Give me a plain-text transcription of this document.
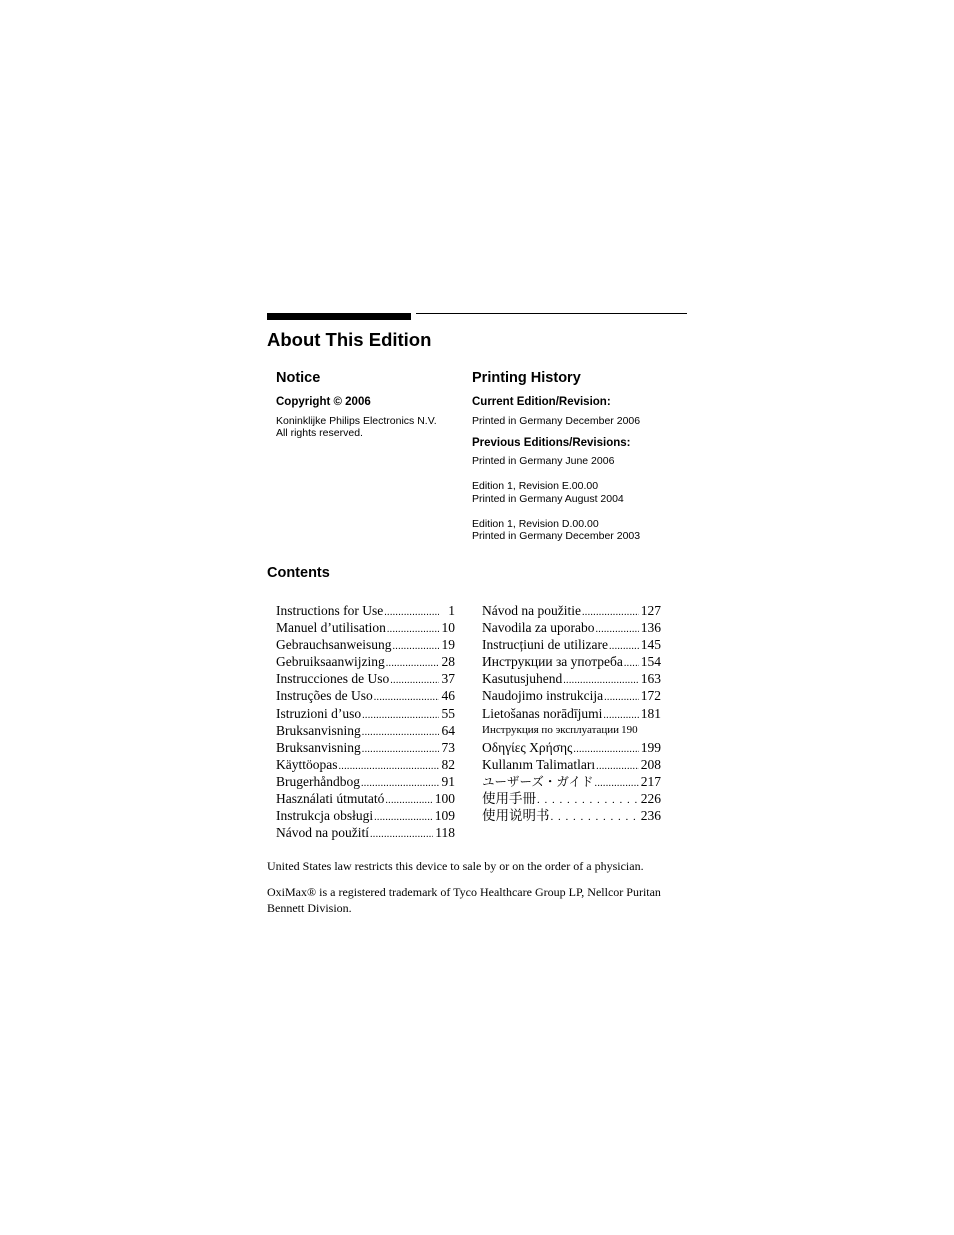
About This Edition
Notice
Copyright © 2006
Koninklijke Philips Electronics N.V.
All rights reserved.
Printing History
Current Edition/Revision:
Printed in Germany December 2006
Previous Editions/Revisions:
Printed in Germany June 2006
Edition 1, Revision E.00.00
Printed in Germany August 2004
Edition 1, Revision D.00.00
Printed in Germany December 2003
Contents
Instructions for Use .....	1
Manuel d’utilisation .....	10
Gebrauchsanweisung .....	19
Gebruiksaanwijzing .....	28
Instrucciones de Uso .....	37
Instruções de Uso .....	46
Istruzioni d’uso .....	55
Bruksanvisning .....	64
Bruksanvisning .....	73
Käyttöopas .....	82
Brugerhåndbog .....	91
Használati útmutató .....	100
Instrukcja obsługi .....	109
Návod na použití .....	118
Návod na použitie .....	127
Navodila za uporabo .....	136
Instrucțiuni de utilizare ..... 145
Инструкции за употреба ..... 154
Kasutusjuhend .....	163
Naudojimo instrukcija .....	172
Lietošanas norādījumi .....	181
Инструкция по эксплуатации 190
Οδηγίες Χρήσης .....	199
Kullanım Talimatları .....	208
ユーザーズ・ガイド .....	217
使用手冊 . . .	226
使用说明书 . . .	236
United States law restricts this device to sale by or on the order of a physician.
OxiMax® is a registered trademark of Tyco Healthcare Group LP, Nellcor Puritan Bennett Division.
